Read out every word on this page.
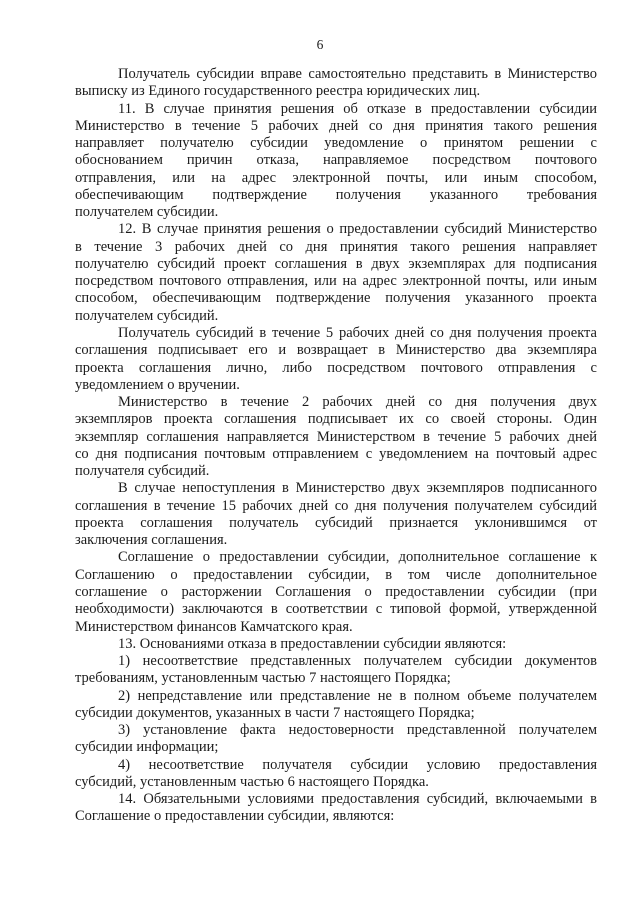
6
Получатель субсидии вправе самостоятельно представить в Министерство
выписку из Единого государственного реестра юридических лиц.
11. В случае принятия решения об отказе в предоставлении субсидии
Министерство в течение 5 рабочих дней со дня принятия такого решения
направляет получателю субсидии уведомление о принятом решении с
обоснованием причин отказа, направляемое посредством почтового
отправления, или на адрес электронной почты, или иным способом,
обеспечивающим подтверждение получения указанного требования
получателем субсидии.
12. В случае принятия решения о предоставлении субсидий Министерство
в течение 3 рабочих дней со дня принятия такого решения направляет
получателю субсидий проект соглашения в двух экземплярах для подписания
посредством почтового отправления, или на адрес электронной почты, или иным
способом, обеспечивающим подтверждение получения указанного проекта
получателем субсидий.
Получатель субсидий в течение 5 рабочих дней со дня получения проекта
соглашения подписывает его и возвращает в Министерство два экземпляра
проекта соглашения лично, либо посредством почтового отправления с
уведомлением о вручении.
Министерство в течение 2 рабочих дней со дня получения двух
экземпляров проекта соглашения подписывает их со своей стороны. Один
экземпляр соглашения направляется Министерством в течение 5 рабочих дней
со дня подписания почтовым отправлением с уведомлением на почтовый адрес
получателя субсидий.
В случае непоступления в Министерство двух экземпляров подписанного
соглашения в течение 15 рабочих дней со дня получения получателем субсидий
проекта соглашения получатель субсидий признается уклонившимся от
заключения соглашения.
Соглашение о предоставлении субсидии, дополнительное соглашение к
Соглашению о предоставлении субсидии, в том числе дополнительное
соглашение о расторжении Соглашения о предоставлении субсидии (при
необходимости) заключаются в соответствии с типовой формой, утвержденной
Министерством финансов Камчатского края.
13. Основаниями отказа в предоставлении субсидии являются:
1) несоответствие представленных получателем субсидии документов
требованиям, установленным частью 7 настоящего Порядка;
2) непредставление или представление не в полном объеме получателем
субсидии документов, указанных в части 7 настоящего Порядка;
3) установление факта недостоверности представленной получателем
субсидии информации;
4) несоответствие получателя субсидии условию предоставления
субсидий, установленным частью 6 настоящего Порядка.
14. Обязательными условиями предоставления субсидий, включаемыми в
Соглашение о предоставлении субсидии, являются:
